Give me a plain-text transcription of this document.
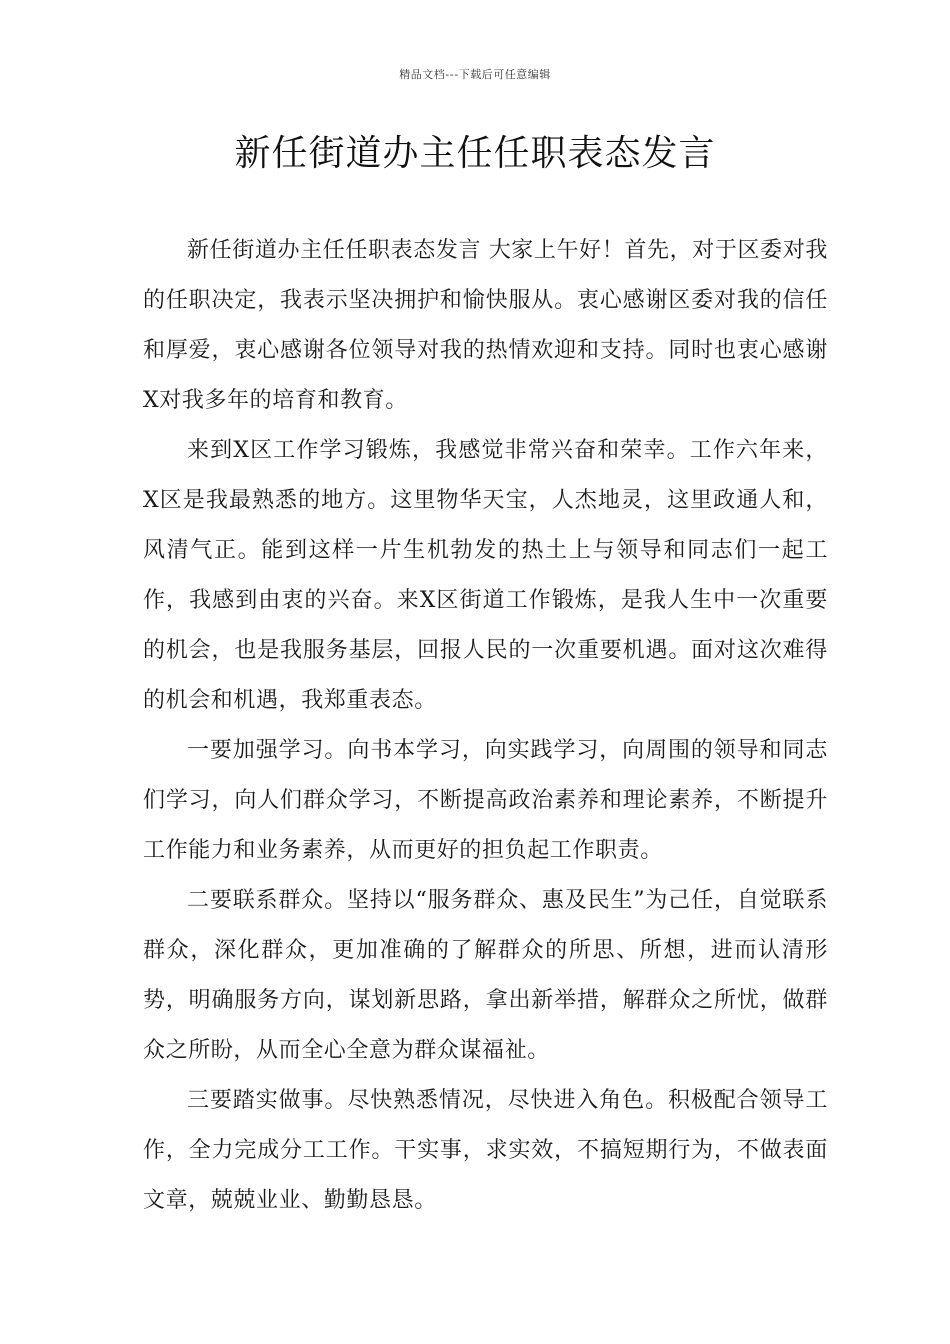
精品文档---下载后可任意编辑
新任街道办主任任职表态发言

新任街道办主任任职表态发言 大家上午好！首先，对于区委对我的任职决定，我表示坚决拥护和愉快服从。衷心感谢区委对我的信任和厚爱，衷心感谢各位领导对我的热情欢迎和支持。同时也衷心感谢X对我多年的培育和教育。

来到X区工作学习锻炼，我感觉非常兴奋和荣幸。工作六年来，X区是我最熟悉的地方。这里物华天宝，人杰地灵，这里政通人和，风清气正。能到这样一片生机勃发的热土上与领导和同志们一起工作，我感到由衷的兴奋。来X区街道工作锻炼，是我人生中一次重要的机会，也是我服务基层，回报人民的一次重要机遇。面对这次难得的机会和机遇，我郑重表态。

一要加强学习。向书本学习，向实践学习，向周围的领导和同志们学习，向人们群众学习，不断提高政治素养和理论素养，不断提升工作能力和业务素养，从而更好的担负起工作职责。

二要联系群众。坚持以“服务群众、惠及民生”为己任，自觉联系群众，深化群众，更加准确的了解群众的所思、所想，进而认清形势，明确服务方向，谋划新思路，拿出新举措，解群众之所忧，做群众之所盼，从而全心全意为群众谋福祉。

三要踏实做事。尽快熟悉情况，尽快进入角色。积极配合领导工作，全力完成分工工作。干实事，求实效，不搞短期行为，不做表面文章，兢兢业业、勤勤恳恳。
